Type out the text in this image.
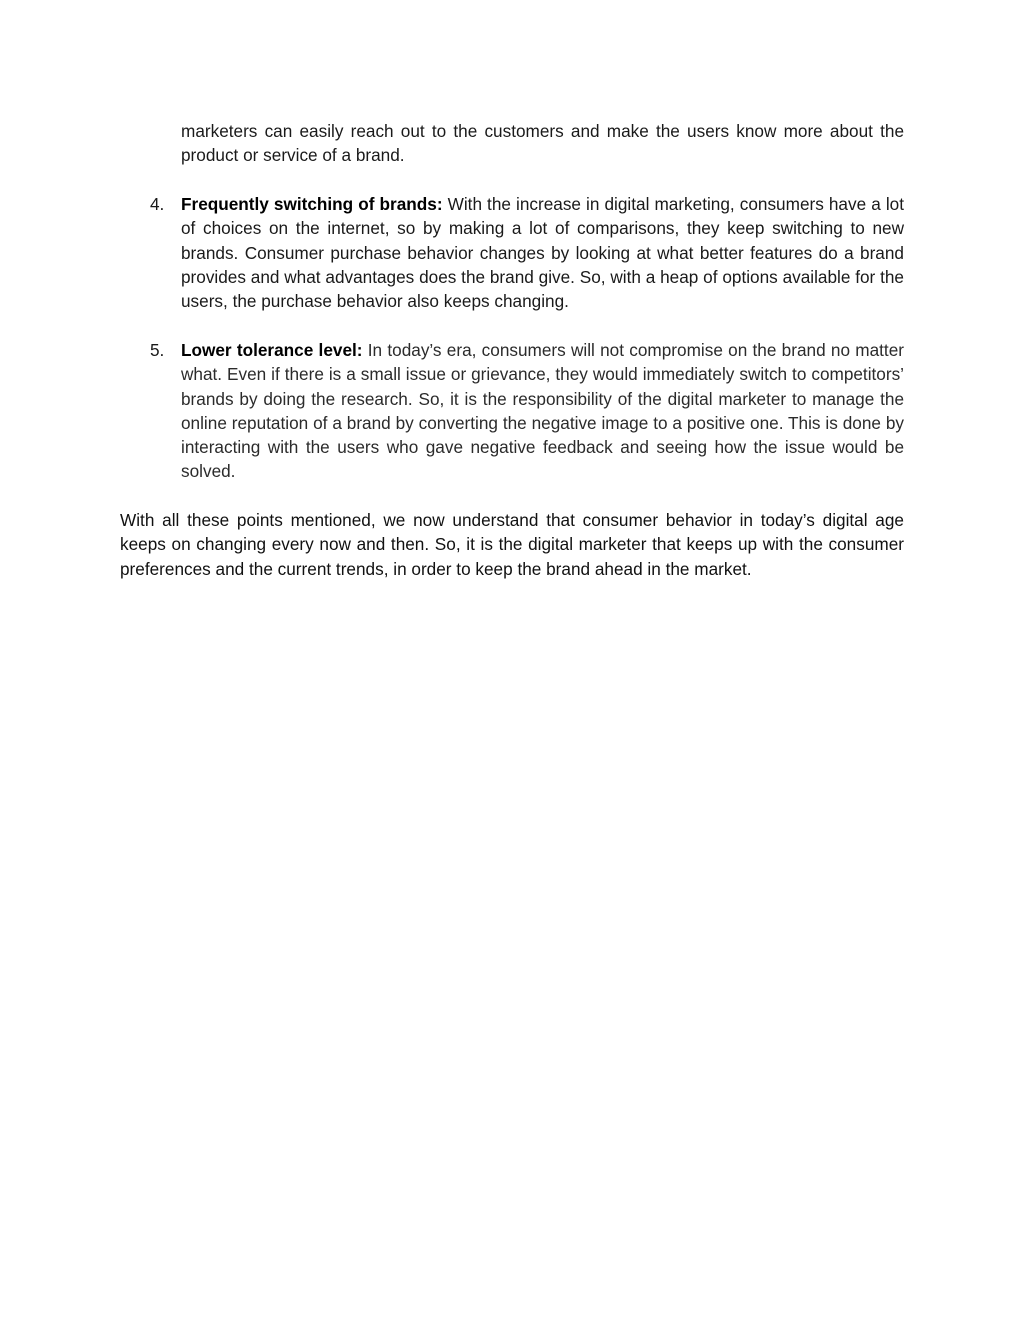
marketers can easily reach out to the customers and make the users know more about the product or service of a brand.

4. Frequently switching of brands: With the increase in digital marketing, consumers have a lot of choices on the internet, so by making a lot of comparisons, they keep switching to new brands. Consumer purchase behavior changes by looking at what better features do a brand provides and what advantages does the brand give. So, with a heap of options available for the users, the purchase behavior also keeps changing.

5. Lower tolerance level: In today’s era, consumers will not compromise on the brand no matter what. Even if there is a small issue or grievance, they would immediately switch to competitors’ brands by doing the research. So, it is the responsibility of the digital marketer to manage the online reputation of a brand by converting the negative image to a positive one. This is done by interacting with the users who gave negative feedback and seeing how the issue would be solved.

With all these points mentioned, we now understand that consumer behavior in today’s digital age keeps on changing every now and then. So, it is the digital marketer that keeps up with the consumer preferences and the current trends, in order to keep the brand ahead in the market.
